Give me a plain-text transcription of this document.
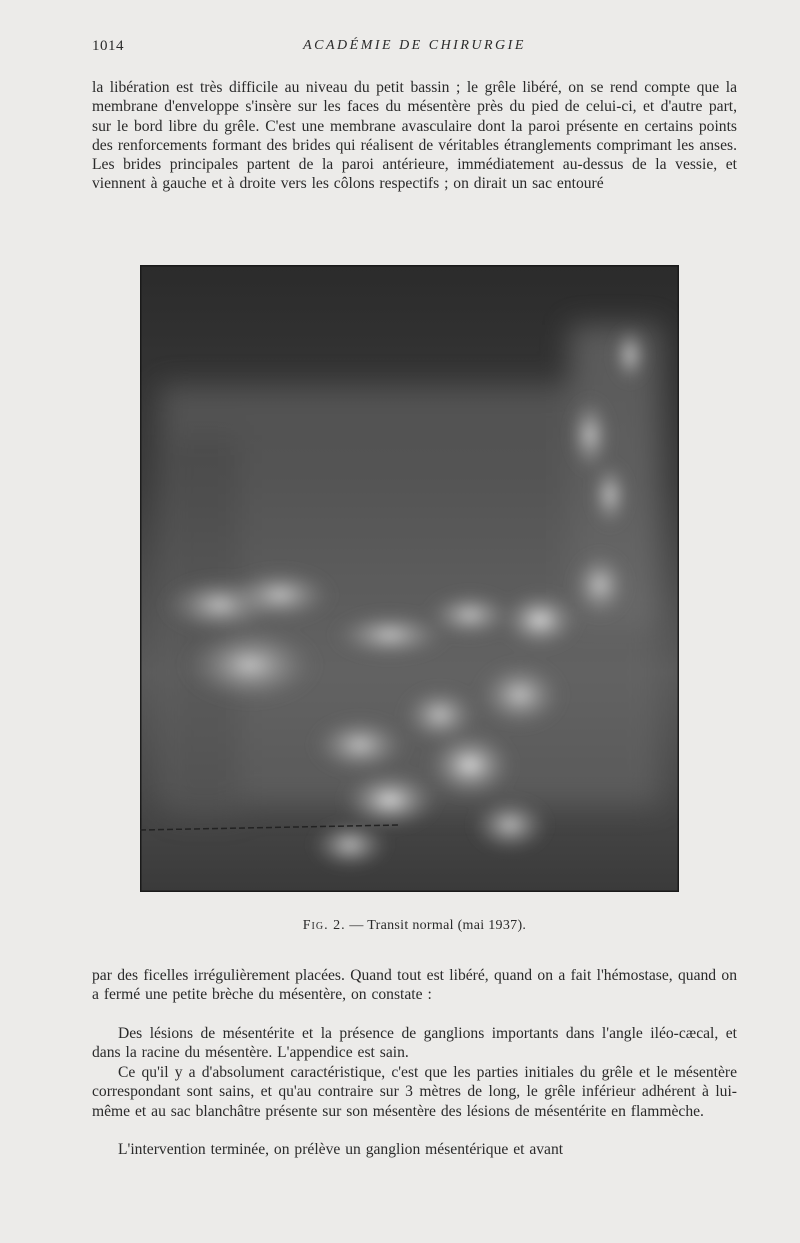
1014	ACADÉMIE DE CHIRURGIE

la libération est très difficile au niveau du petit bassin ; le grêle libéré, on se rend compte que la membrane d'enveloppe s'insère sur les faces du mésentère près du pied de celui-ci, et d'autre part, sur le bord libre du grêle. C'est une membrane avasculaire dont la paroi présente en certains points des renforcements formant des brides qui réalisent de véritables étranglements comprimant les anses. Les brides principales partent de la paroi antérieure, immédiatement au-dessus de la vessie, et viennent à gauche et à droite vers les côlons respectifs ; on dirait un sac entouré

Fig. 2. — Transit normal (mai 1937).

par des ficelles irrégulièrement placées. Quand tout est libéré, quand on a fait l'hémostase, quand on a fermé une petite brèche du mésentère, on constate :

Des lésions de mésentérite et la présence de ganglions importants dans l'angle iléo-cæcal, et dans la racine du mésentère. L'appendice est sain.

Ce qu'il y a d'absolument caractéristique, c'est que les parties initiales du grêle et le mésentère correspondant sont sains, et qu'au contraire sur 3 mètres de long, le grêle inférieur adhérent à lui-même et au sac blanchâtre présente sur son mésentère des lésions de mésentérite en flammèche.

L'intervention terminée, on prélève un ganglion mésentérique et avant
